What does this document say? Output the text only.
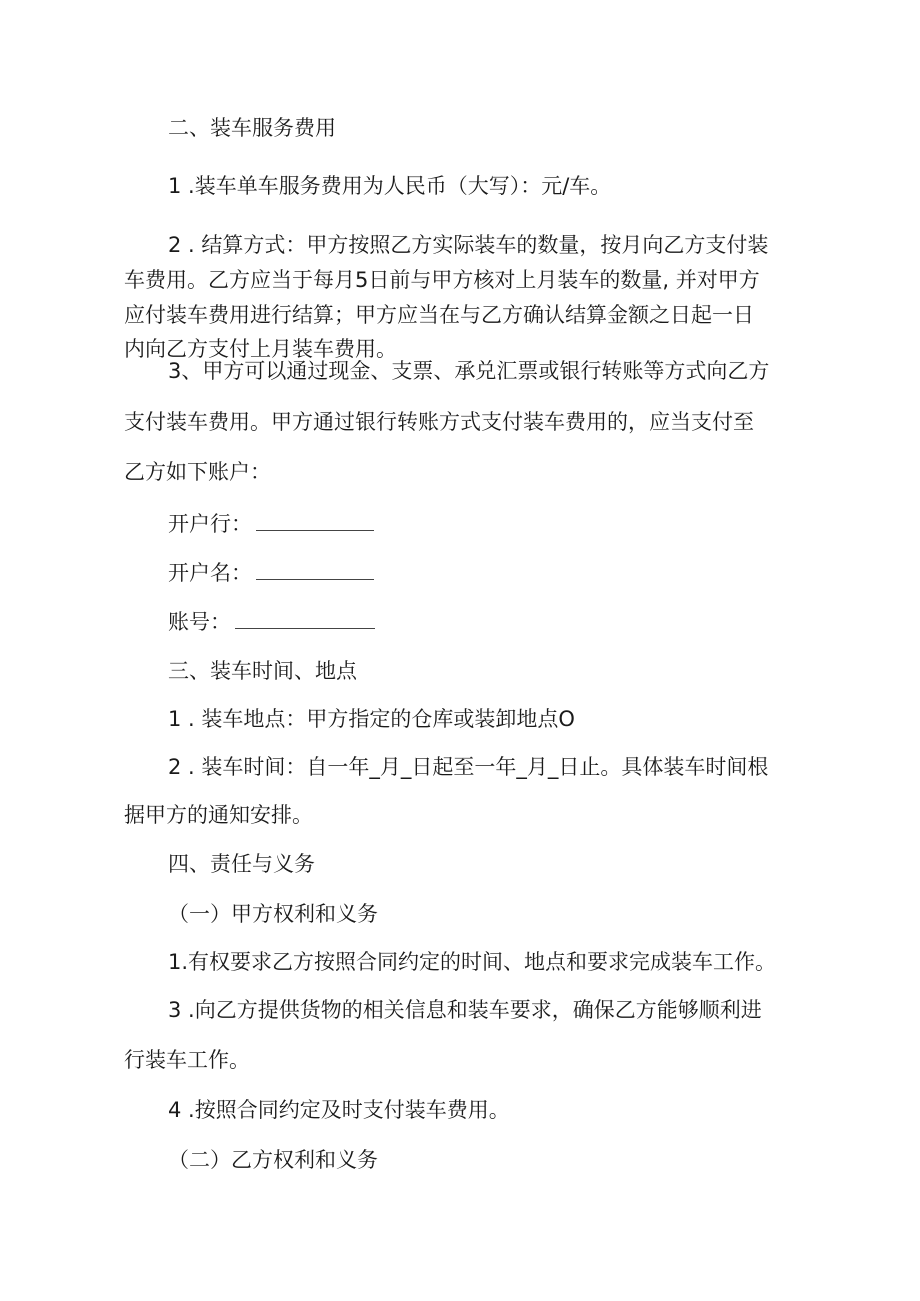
二、装车服务费用

1 .装车单车服务费用为人民币（大写）：元/车。

2 . 结算方式：甲方按照乙方实际装车的数量，按月向乙方支付装

车费用。乙方应当于每月5日前与甲方核对上月装车的数量, 并对甲方

应付装车费用进行结算；甲方应当在与乙方确认结算金额之日起一日

内向乙方支付上月装车费用。

3、甲方可以通过现金、支票、承兑汇票或银行转账等方式向乙方

支付装车费用。甲方通过银行转账方式支付装车费用的，应当支付至

乙方如下账户：

开户行：
开户名：
账号：

三、装车时间、地点

1 . 装车地点：甲方指定的仓库或装卸地点O

2 . 装车时间：自一年_月_日起至一年_月_日止。具体装车时间根

据甲方的通知安排。

四、责任与义务

（一）甲方权利和义务

1.有权要求乙方按照合同约定的时间、地点和要求完成装车工作。

3 .向乙方提供货物的相关信息和装车要求，确保乙方能够顺利进

行装车工作。

4 .按照合同约定及时支付装车费用。

（二）乙方权利和义务
